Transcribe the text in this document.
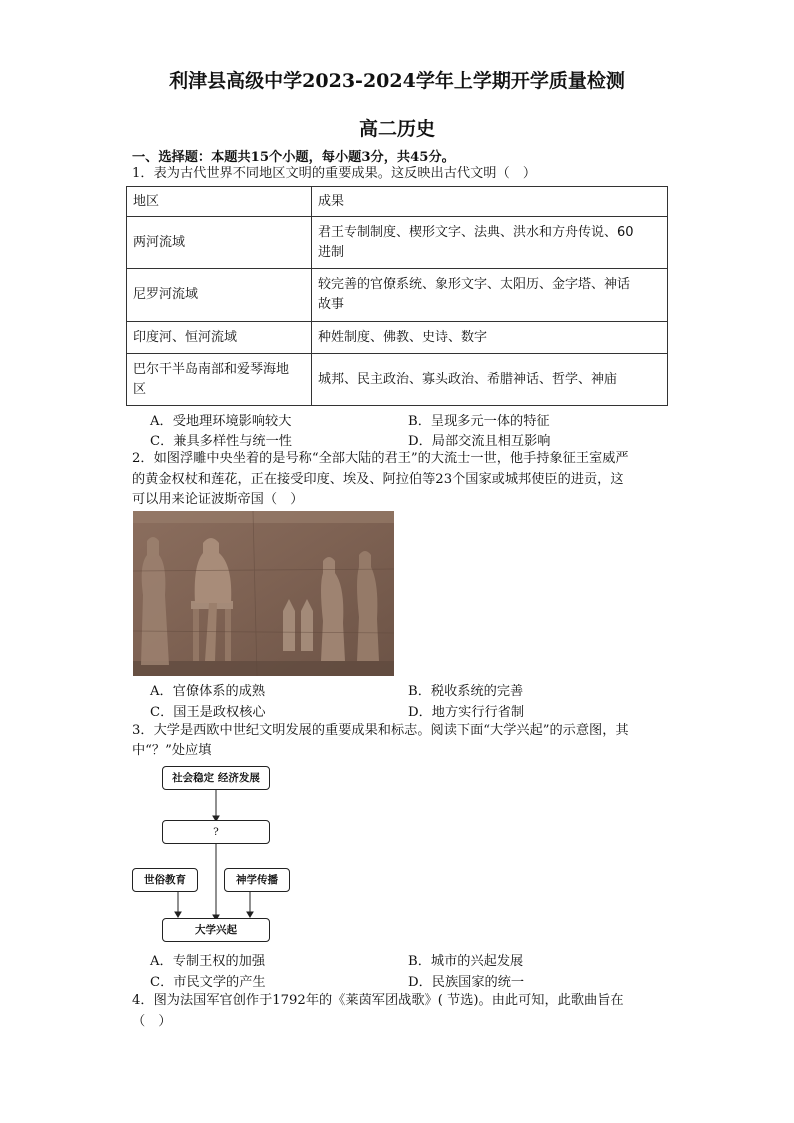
利津县高级中学2023-2024学年上学期开学质量检测
高二历史
一、选择题：本题共15个小题，每小题3分，共45分。
1．表为古代世界不同地区文明的重要成果。这反映出古代文明（　）
地区	成果
两河流域	君王专制制度、楔形文字、法典、洪水和方舟传说、60
进制

尼罗河流域	较完善的官僚系统、象形文字、太阳历、金字塔、神话
故事

印度河、恒河流域	种姓制度、佛教、史诗、数字

巴尔干半岛南部和爱琴海地
区	城邦、民主政治、寡头政治、希腊神话、哲学、神庙
A．受地理环境影响较大	B．呈现多元一体的特征
C．兼具多样性与统一性	D．局部交流且相互影响
2．如图浮雕中央坐着的是号称“全部大陆的君王”的大流士一世，他手持象征王室威严
的黄金权杖和莲花，正在接受印度、埃及、阿拉伯等23个国家或城邦使臣的进贡，这
可以用来论证波斯帝国（　）
A．官僚体系的成熟	B．税收系统的完善
C．国王是政权核心	D．地方实行行省制
3．大学是西欧中世纪文明发展的重要成果和标志。阅读下面“大学兴起”的示意图，其
中“？”处应填
社会稳定 经济发展
?
世俗教育	神学传播
大学兴起
A．专制王权的加强	B．城市的兴起发展
C．市民文学的产生	D．民族国家的统一
4．图为法国军官创作于1792年的《莱茵军团战歌》( 节选)。由此可知，此歌曲旨在
（　）
